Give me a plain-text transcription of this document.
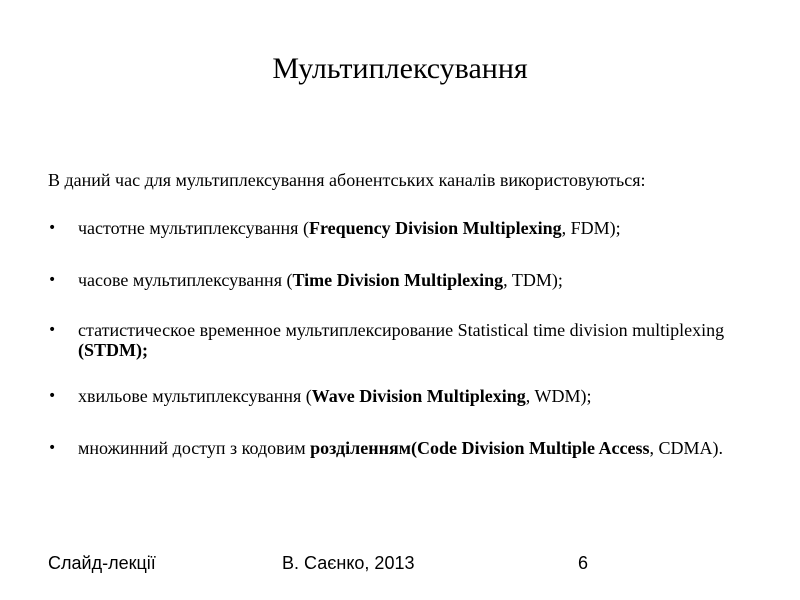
Мультиплексування

В даний час для мультиплексування абонентських каналів використовуються:

•	частотне мультиплексування (Frequency Division Multiplexing, FDM);
•	часове мультиплексування (Time Division Multiplexing, TDM);
•	статистическое временное мультиплексирование Statistical time division multiplexing (STDM);
•	хвильове мультиплексування (Wave Division Multiplexing, WDM);
•	множинний доступ з кодовим розділенням(Code Division Multiple Access, CDMA).
Слайд-лекції	В. Саєнко, 2013	6
